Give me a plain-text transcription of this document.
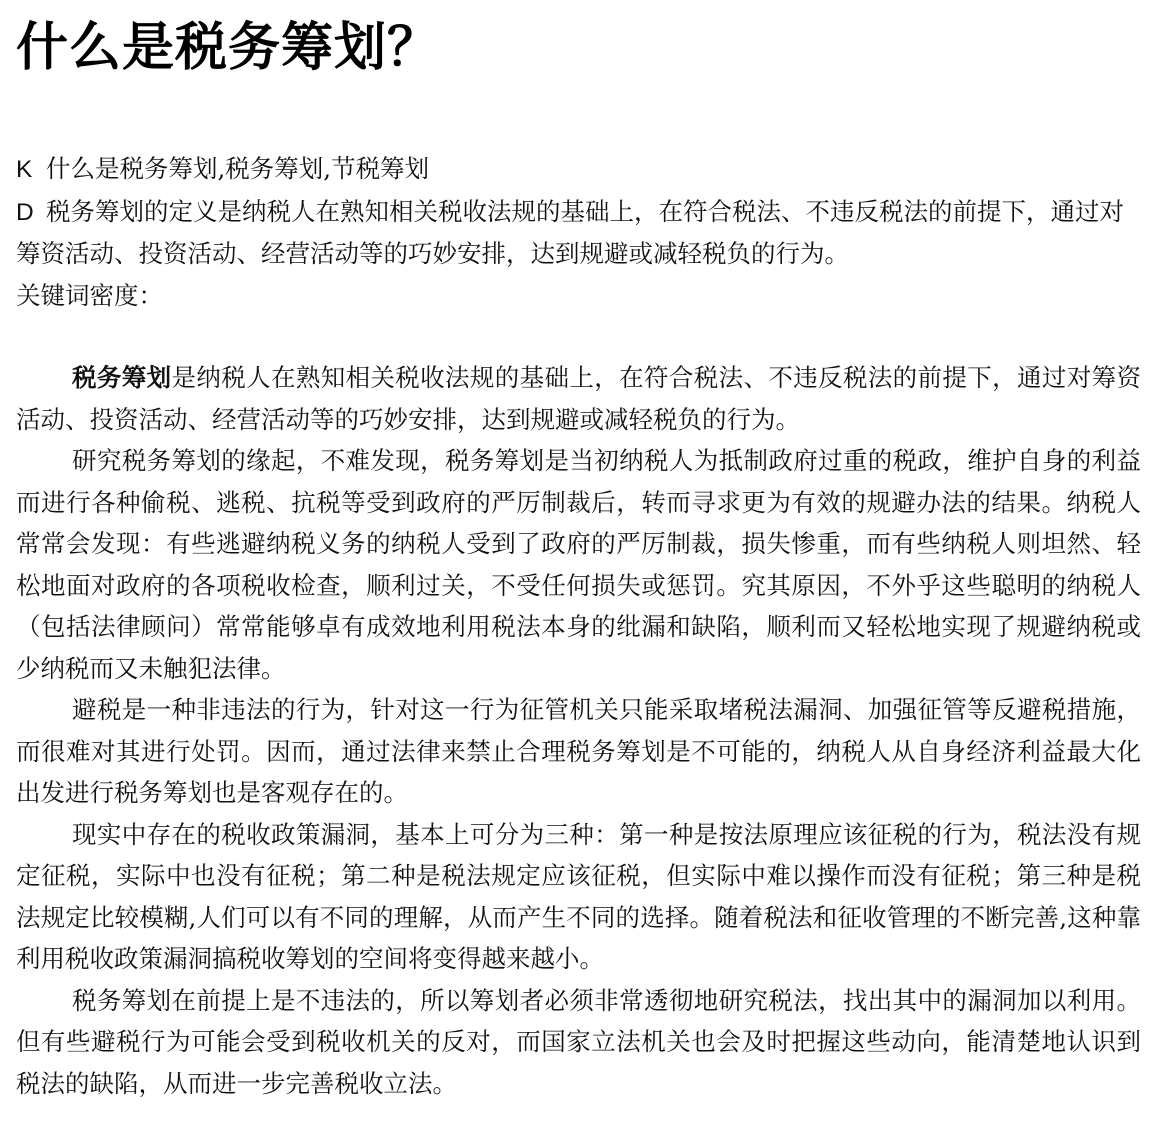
什么是税务筹划？
K 什么是税务筹划,税务筹划,节税筹划
D 税务筹划的定义是纳税人在熟知相关税收法规的基础上，在符合税法、不违反税法的前提下，通过对筹资活动、投资活动、经营活动等的巧妙安排，达到规避或减轻税负的行为。
关键词密度：

税务筹划是纳税人在熟知相关税收法规的基础上，在符合税法、不违反税法的前提下，通过对筹资活动、投资活动、经营活动等的巧妙安排，达到规避或减轻税负的行为。

研究税务筹划的缘起，不难发现，税务筹划是当初纳税人为抵制政府过重的税政，维护自身的利益而进行各种偷税、逃税、抗税等受到政府的严厉制裁后，转而寻求更为有效的规避办法的结果。纳税人常常会发现：有些逃避纳税义务的纳税人受到了政府的严厉制裁，损失惨重，而有些纳税人则坦然、轻松地面对政府的各项税收检查，顺利过关，不受任何损失或惩罚。究其原因，不外乎这些聪明的纳税人（包括法律顾问）常常能够卓有成效地利用税法本身的纰漏和缺陷，顺利而又轻松地实现了规避纳税或少纳税而又未触犯法律。

避税是一种非违法的行为，针对这一行为征管机关只能采取堵税法漏洞、加强征管等反避税措施，而很难对其进行处罚。因而，通过法律来禁止合理税务筹划是不可能的，纳税人从自身经济利益最大化出发进行税务筹划也是客观存在的。

现实中存在的税收政策漏洞，基本上可分为三种：第一种是按法原理应该征税的行为，税法没有规定征税，实际中也没有征税；第二种是税法规定应该征税，但实际中难以操作而没有征税；第三种是税法规定比较模糊,人们可以有不同的理解，从而产生不同的选择。随着税法和征收管理的不断完善,这种靠利用税收政策漏洞搞税收筹划的空间将变得越来越小。

税务筹划在前提上是不违法的，所以筹划者必须非常透彻地研究税法，找出其中的漏洞加以利用。但有些避税行为可能会受到税收机关的反对，而国家立法机关也会及时把握这些动向，能清楚地认识到税法的缺陷，从而进一步完善税收立法。
